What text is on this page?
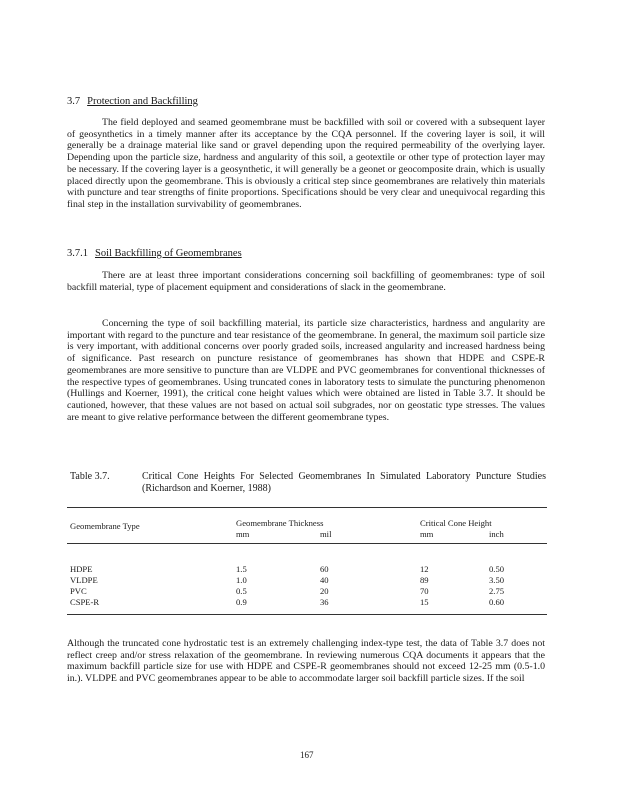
3.7 Protection and Backfilling

The field deployed and seamed geomembrane must be backfilled with soil or covered with a subsequent layer of geosynthetics in a timely manner after its acceptance by the CQA personnel. If the covering layer is soil, it will generally be a drainage material like sand or gravel depending upon the required permeability of the overlying layer. Depending upon the particle size, hardness and angularity of this soil, a geotextile or other type of protection layer may be necessary. If the covering layer is a geosynthetic, it will generally be a geonet or geocomposite drain, which is usually placed directly upon the geomembrane. This is obviously a critical step since geomembranes are relatively thin materials with puncture and tear strengths of finite proportions. Specifications should be very clear and unequivocal regarding this final step in the installation survivability of geomembranes.

3.7.1 Soil Backfilling of Geomembranes

There are at least three important considerations concerning soil backfilling of geomembranes: type of soil backfill material, type of placement equipment and considerations of slack in the geomembrane.

Concerning the type of soil backfilling material, its particle size characteristics, hardness and angularity are important with regard to the puncture and tear resistance of the geomembrane. In general, the maximum soil particle size is very important, with additional concerns over poorly graded soils, increased angularity and increased hardness being of significance. Past research on puncture resistance of geomembranes has shown that HDPE and CSPE-R geomembranes are more sensitive to puncture than are VLDPE and PVC geomembranes for conventional thicknesses of the respective types of geomembranes. Using truncated cones in laboratory tests to simulate the puncturing phenomenon (Hullings and Koerner, 1991), the critical cone height values which were obtained are listed in Table 3.7. It should be cautioned, however, that these values are not based on actual soil subgrades, nor on geostatic type stresses. The values are meant to give relative performance between the different geomembrane types.

Table 3.7.	Critical Cone Heights For Selected Geomembranes In Simulated Laboratory Puncture Studies (Richardson and Koerner, 1988)
Geomembrane Type	Geomembrane Thickness
mm	mil
Critical Cone Height
mm	inch
HDPE	1.5	60	12	0.50
VLDPE	1.0	40	89	3.50
PVC	0.5	20	70	2.75
CSPE-R	0.9	36	15	0.60

Although the truncated cone hydrostatic test is an extremely challenging index-type test, the data of Table 3.7 does not reflect creep and/or stress relaxation of the geomembrane. In reviewing numerous CQA documents it appears that the maximum backfill particle size for use with HDPE and CSPE-R geomembranes should not exceed 12-25 mm (0.5-1.0 in.). VLDPE and PVC geomembranes appear to be able to accommodate larger soil backfill particle sizes. If the soil

167
